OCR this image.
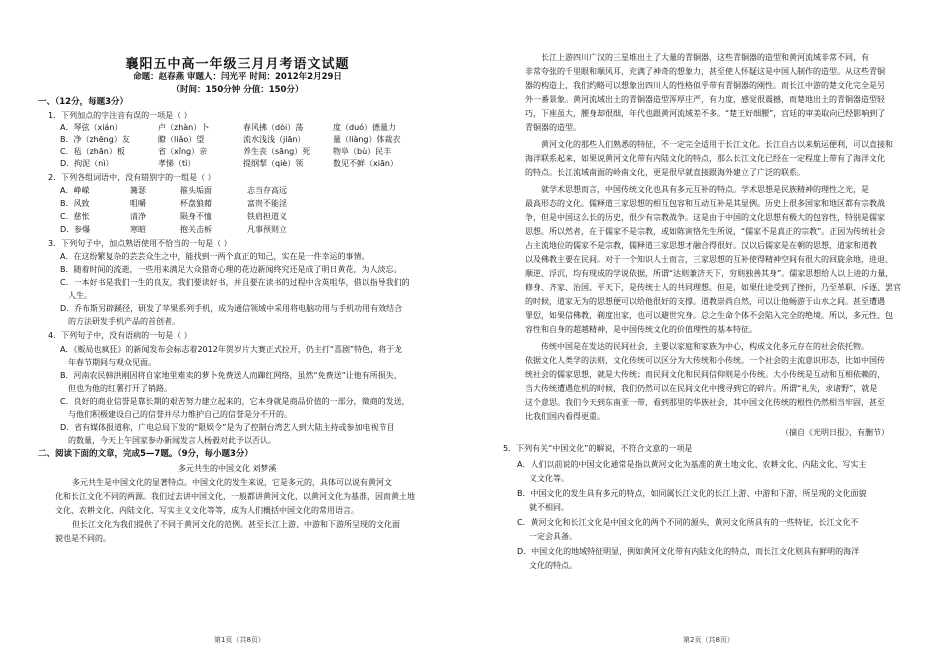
襄阳五中高一年级三月月考语文试题
命题：赵春燕 审题人：闫光平 时间：2012年2月29日
（时间：150分钟 分值：150分）
一、（12分，每题3分）
1．下列加点的字注音有误的一项是（ ）
A．琴弦（xián）	卢（zhàn）卜	春风拂（dòi）荡	度（duó）德量力
B．净（zhēng）友	瞭（liǎo）望	流水浅浅（jiān）	量（liàng）体裁衣
C．毡（zhān）板	省（xǐng）亲	养生丧（sāng）死	物阜（bù）民丰
D．拘泥（nì）	孝悌（tì）	提纲挈（qiè）领	数见不鲜（xiān）
2．下列各组词语中，没有错别字的一组是（ ）
A．峥嵘	篝瑟	箍头垢面	志当存高远
B．风致	咀嚼	杯盘狼藉	富贵不能淫
C．慈怅	清净	陨身不恤	铁肩担道义
D．参爆	寒暄	抱关击柝	凡事预则立
3．下列句子中，加点熟语使用不恰当的一句是（ ）
A．在这纷繁复杂的芸芸众生之中，能找到一两个真正的知己，实在是一件幸运的事情。
B．随着时间的流逝，一些用来满足大众猎奇心理的花边新闻终究还是成了明日黄花，为人淡忘。
C．一本好书是我们一生的良友，我们要读好书，并且要在读书的过程中含英咀华，借以指导我们的
人生。
D．乔布斯另辟蹊径，研发了苹果系列手机，成为通信领域中采用将电脑功用与手机功用有效结合
的方法研发手机产品的首创者。
4．下列句子中，没有语病的一句是（ ）
A．《贩局也疯狂》的新闻发布会标志着2012年贺岁片大赛正式拉开，仍主打“喜剧”特色，将于龙
年春节期间与观众见面。
B．河南农民韩洪刚因将自家地里难卖的萝卜免费送人而蹿红网络，虽然“免费送”让他有所损失，
但也为他的红薯打开了销路。
C．良好的商业信誉是靠长期的艰苦努力建立起来的，它本身就是商品价值的一部分，徵商的发送，
与他们积极建设自己的信誉并尽力维护自己的信誉是分不开的。
D．省有媒体报道称，广电总局下发的“限娱令”是为了控制台湾艺人到大陆主持或参加电视节目
的数量，今天上午国家参办新闻发言人杨毅对此予以否认。
二、阅读下面的文章，完成5—7题。（9分，每小题3分）
多元共生的中国文化 刘梦溪
多元共生是中国文化的显著特点。中国文化的发生来说，它是多元的，具体可以说有黄河文
化和长江文化不同的两源。我们过去讲中国文化，一般都讲黄河文化，以黄河文化为基准，因而黄土地
文化、农耕文化、内陆文化、写实主义文化等等，成为人们概括中国文化的常用语言。
但长江文化为我们提供了不同于黄河文化的范例。甚至长江上游、中游和下游所呈现的文化面
貌也是不同的。
第1页（共8页）
长江上游四川广汉的三星堆出土了大量的青铜器，这些青铜器的造型和黄河流域非常不同，有
非常夸张的千里眼和顺风耳，充满了神奇的想象力，甚至使人怀疑这是中国人制作的造型。从这些青铜
器的构造上，我们约略可以想象出四川人的性格似乎带有青铜器的刚性。而长江中游的楚文化完全是另
外一番景象。黄河流域出土的青铜器造型浑厚庄严，有力度，感觉很震撼，而楚地出土的青铜器造型轻
巧，下座虽大，腰身却很细，年代也跟黄河流域差不多。“楚王好细腰”，宫廷的审美取向已经影响到了
青铜器的造型。
黄河文化的那些人们熟悉的特征，不一定完全适用于长江文化。长江自古以来航运便利，可以直接和
海洋联系起来，如果说黄河文化带有内陆文化的特点，那么长江文化已经在一定程度上带有了海洋文化
的特点。长江流域南面的岭南文化，更是很早就直接跟海外建立了广泛的联系。
就学术思想而言，中国传统文化也具有多元互补的特点。学术思想是民族精神的理性之光，是
最高形态的文化。儒释道三家思想的相互包容和互动互补是其显例。历史上很多国家和地区都有宗教战
争，但是中国这么长的历史，很少有宗教战争。这是由于中国的文化思想有极大的包容性，特别是儒家
思想。所以然者，在于儒家不是宗教，或如陈寅恪先生所说，“儒家不是真正的宗教”。正因为传统社会
占主流地位的儒家不是宗教，儒释道三家思想才融合得很好。汉以后儒家是在朝的思想，道家和道教
以及佛教主要在民间。对于一个知识人士而言，三家思想的互补使得精神空间有很大的回旋余地，进退、
顺逆、浮沉，均有现成的学说依据，所谓“达则兼济天下，穷则独善其身”。儒家思想给人以上进的力量，
修身、齐家、治国、平天下，是传统士人的共同理想。但是，如果仕途受到了挫折，乃至革职、斥逐、罢官
的时候，道家无为的思想便可以给他很好的支撑。道教崇尚自然，可以让他畅游于山水之间。甚至遭遇
罪愆，如果信佛教，剃度出家，也可以避世究身。总之生命个体不会陷入完全的绝境。所以，多元性、包
容性和自身的超越精神，是中国传统文化的价值理性的基本特征。
传统中国是在发达的民间社会，主要以家庭和家族为中心，构成文化多元存在的社会依托物。
依据文化人类学的法则，文化传统可以区分为大传统和小传统。一个社会的主流意识形态，比如中国传
统社会的儒家思想，就是大传统；而民间文化和民间信仰则是小传统。大小传统是互动和互相依赖的，
当大传统遭遇危机的时候，我们仍然可以在民间文化中搜寻到它的碎片。所谓“礼失，求诸野”，就是
这个意思。我们今天到东南亚一带，看到那里的华族社会，其中国文化传统的根性仍然相当牢固，甚至
比我们国内看得更重。
（摘自《光明日报》，有删节）
5．下列有关“中国文化”的解说，不符合文意的一项是
A．人们以前说的中国文化通常是指以黄河文化为基准的黄土地文化、农耕文化、内陆文化、写实主
义文化等。
B．中国文化的发生具有多元的特点，如同属长江文化的长江上游、中游和下游，所呈现的文化面貌
就不相同。
C．黄河文化和长江文化是中国文化的两个不同的源头，黄河文化所具有的一些特征，长江文化不
一定会具备。
D．中国文化的地域特征明显，例如黄河文化带有内陆文化的特点，而长江文化则具有鲜明的海洋
文化的特点。
第2页（共8页）
